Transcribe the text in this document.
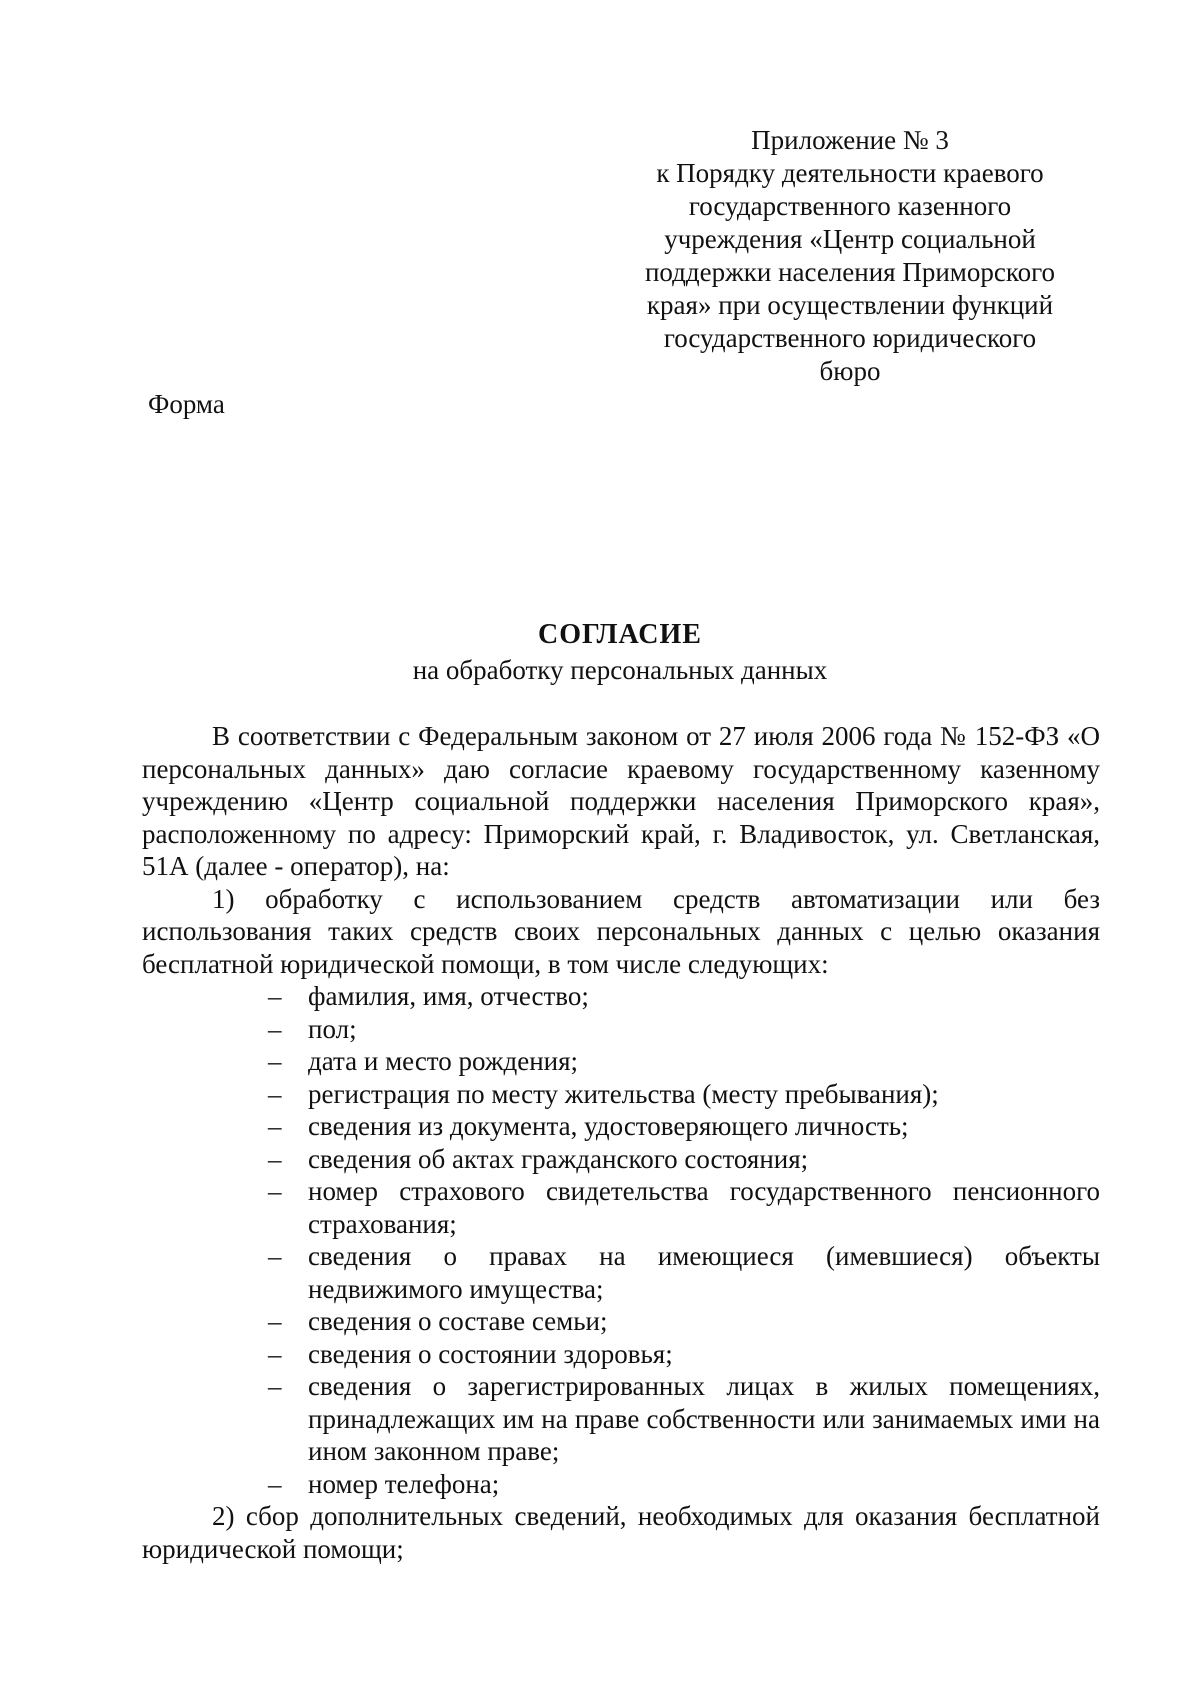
Приложение № 3
к Порядку деятельности краевого
государственного казенного
учреждения «Центр социальной
поддержки населения Приморского
края» при осуществлении функций
государственного юридического
бюро
Форма
СОГЛАСИЕ
на обработку персональных данных

В соответствии с Федеральным законом от 27 июля 2006 года № 152-ФЗ «О персональных данных» даю согласие краевому государственному казенному учреждению «Центр социальной поддержки населения Приморского края», расположенному по адресу: Приморский край, г. Владивосток, ул. Светланская, 51А (далее - оператор), на:

1) обработку с использованием средств автоматизации или без использования таких средств своих персональных данных с целью оказания бесплатной юридической помощи, в том числе следующих:

– фамилия, имя, отчество;
– пол;
– дата и место рождения;
– регистрация по месту жительства (месту пребывания);
– сведения из документа, удостоверяющего личность;
– сведения об актах гражданского состояния;
– номер страхового свидетельства государственного пенсионного страхования;
– сведения о правах на имеющиеся (имевшиеся) объекты недвижимого имущества;
– сведения о составе семьи;
– сведения о состоянии здоровья;
– сведения о зарегистрированных лицах в жилых помещениях, принадлежащих им на праве собственности или занимаемых ими на ином законном праве;
– номер телефона;

2) сбор дополнительных сведений, необходимых для оказания бесплатной юридической помощи;
